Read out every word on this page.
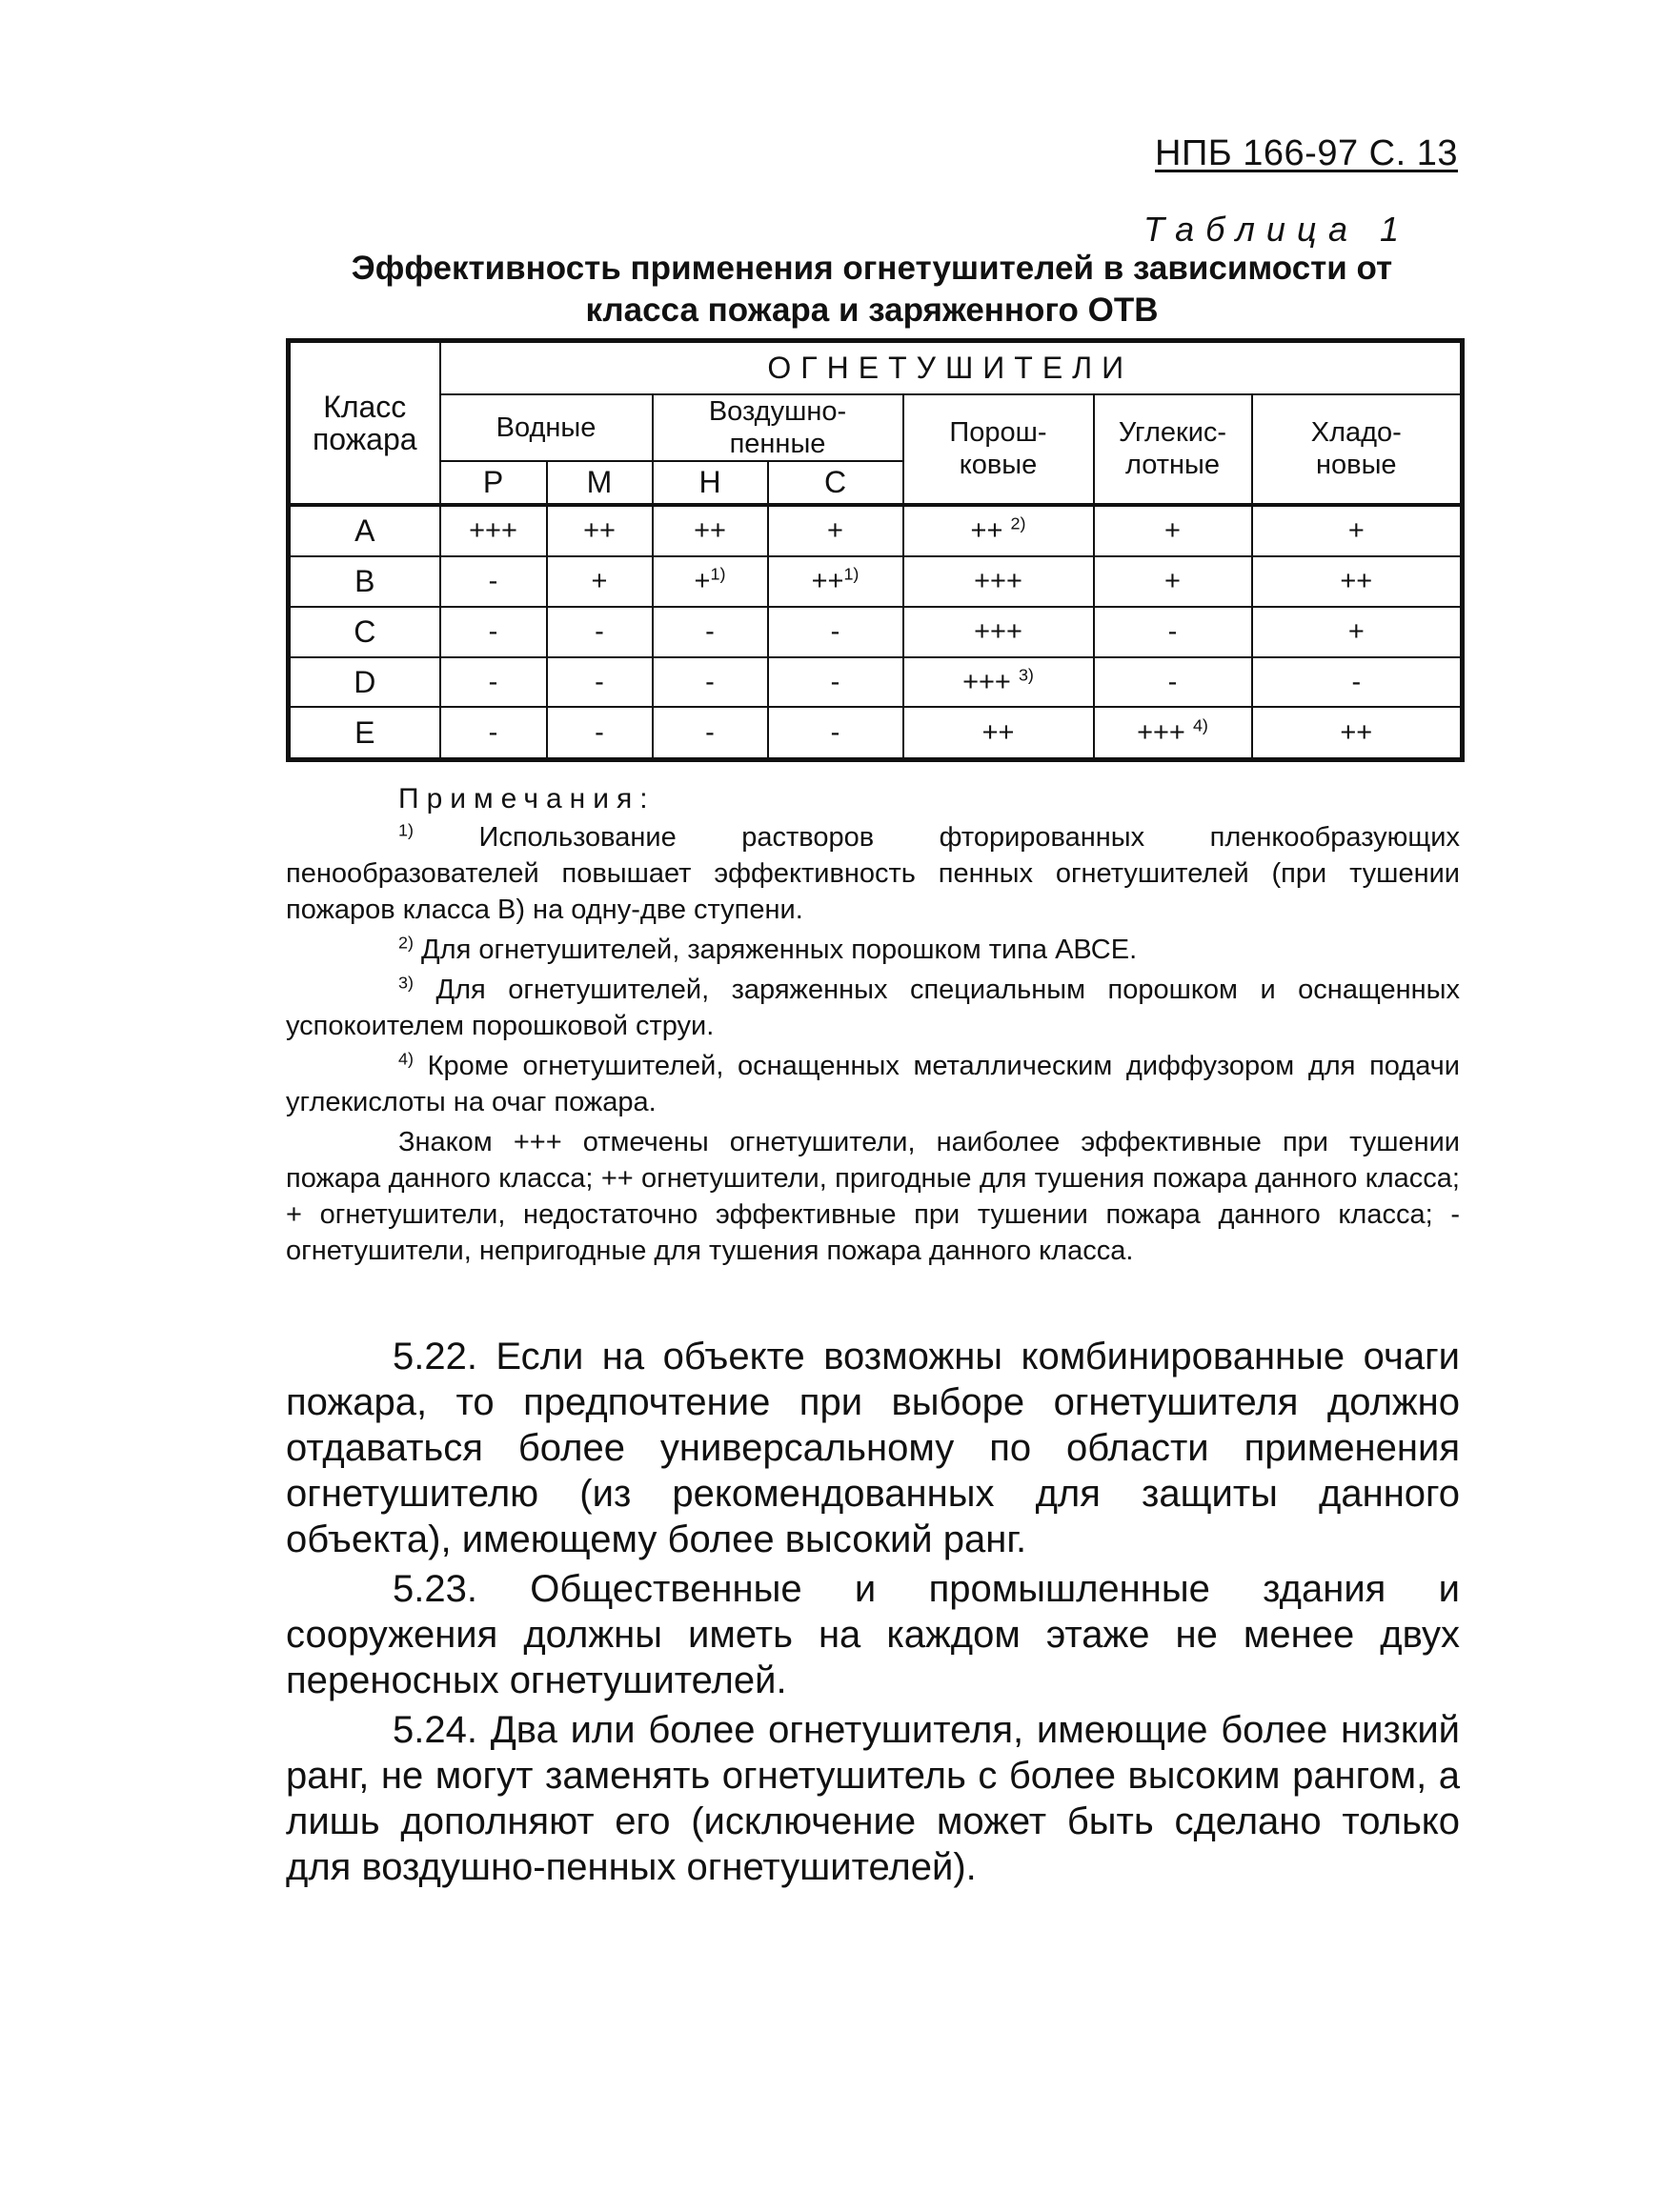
НПБ 166-97 С. 13
Таблица 1
Эффективность применения огнетушителей в зависимости от
класса пожара и заряженного ОТВ
Класс пожара	ОГНЕТУШИТЕЛИ						
	Водные		Воздушно-пенные		Порош-ковые	Углекис-лотные	Хладо-новые
	Р	М	Н	С			
A	+++	++	++	+	++ $^{2)}$	+	+
B	-	+	+$^{1)}$	++$^{1)}$	+++	+	++
C	-	-	-	-	+++	-	+
D	-	-	-	-	+++ $^{3)}$	-	-
E	-	-	-	-	++	+++ $^{4)}$	++

Примечания:

$^{1)}$ Использование растворов фторированных пленкообразующих пенообразователей повышает эффективность пенных огнетушителей (при тушении пожаров класса В) на одну-две ступени.

$^{2)}$ Для огнетушителей, заряженных порошком типа АВСЕ.

$^{3)}$ Для огнетушителей, заряженных специальным порошком и оснащенных успокоителем порошковой струи.

$^{4)}$ Кроме огнетушителей, оснащенных металлическим диффузором для подачи углекислоты на очаг пожара.

Знаком +++ отмечены огнетушители, наиболее эффективные при тушении пожара данного класса; ++ огнетушители, пригодные для тушения пожара данного класса; + огнетушители, недостаточно эффективные при тушении пожара данного класса; - огнетушители, непригодные для тушения пожара данного класса.

5.22. Если на объекте возможны комбинированные очаги пожара, то предпочтение при выборе огнетушителя должно отдаваться более универсальному по области применения огнетушителю (из рекомендованных для защиты данного объекта), имеющему более высокий ранг.

5.23. Общественные и промышленные здания и сооружения должны иметь на каждом этаже не менее двух переносных огнетушителей.

5.24. Два или более огнетушителя, имеющие более низкий ранг, не могут заменять огнетушитель с более высоким рангом, а лишь дополняют его (исключение может быть сделано только для воздушно-пенных огнетушителей).
